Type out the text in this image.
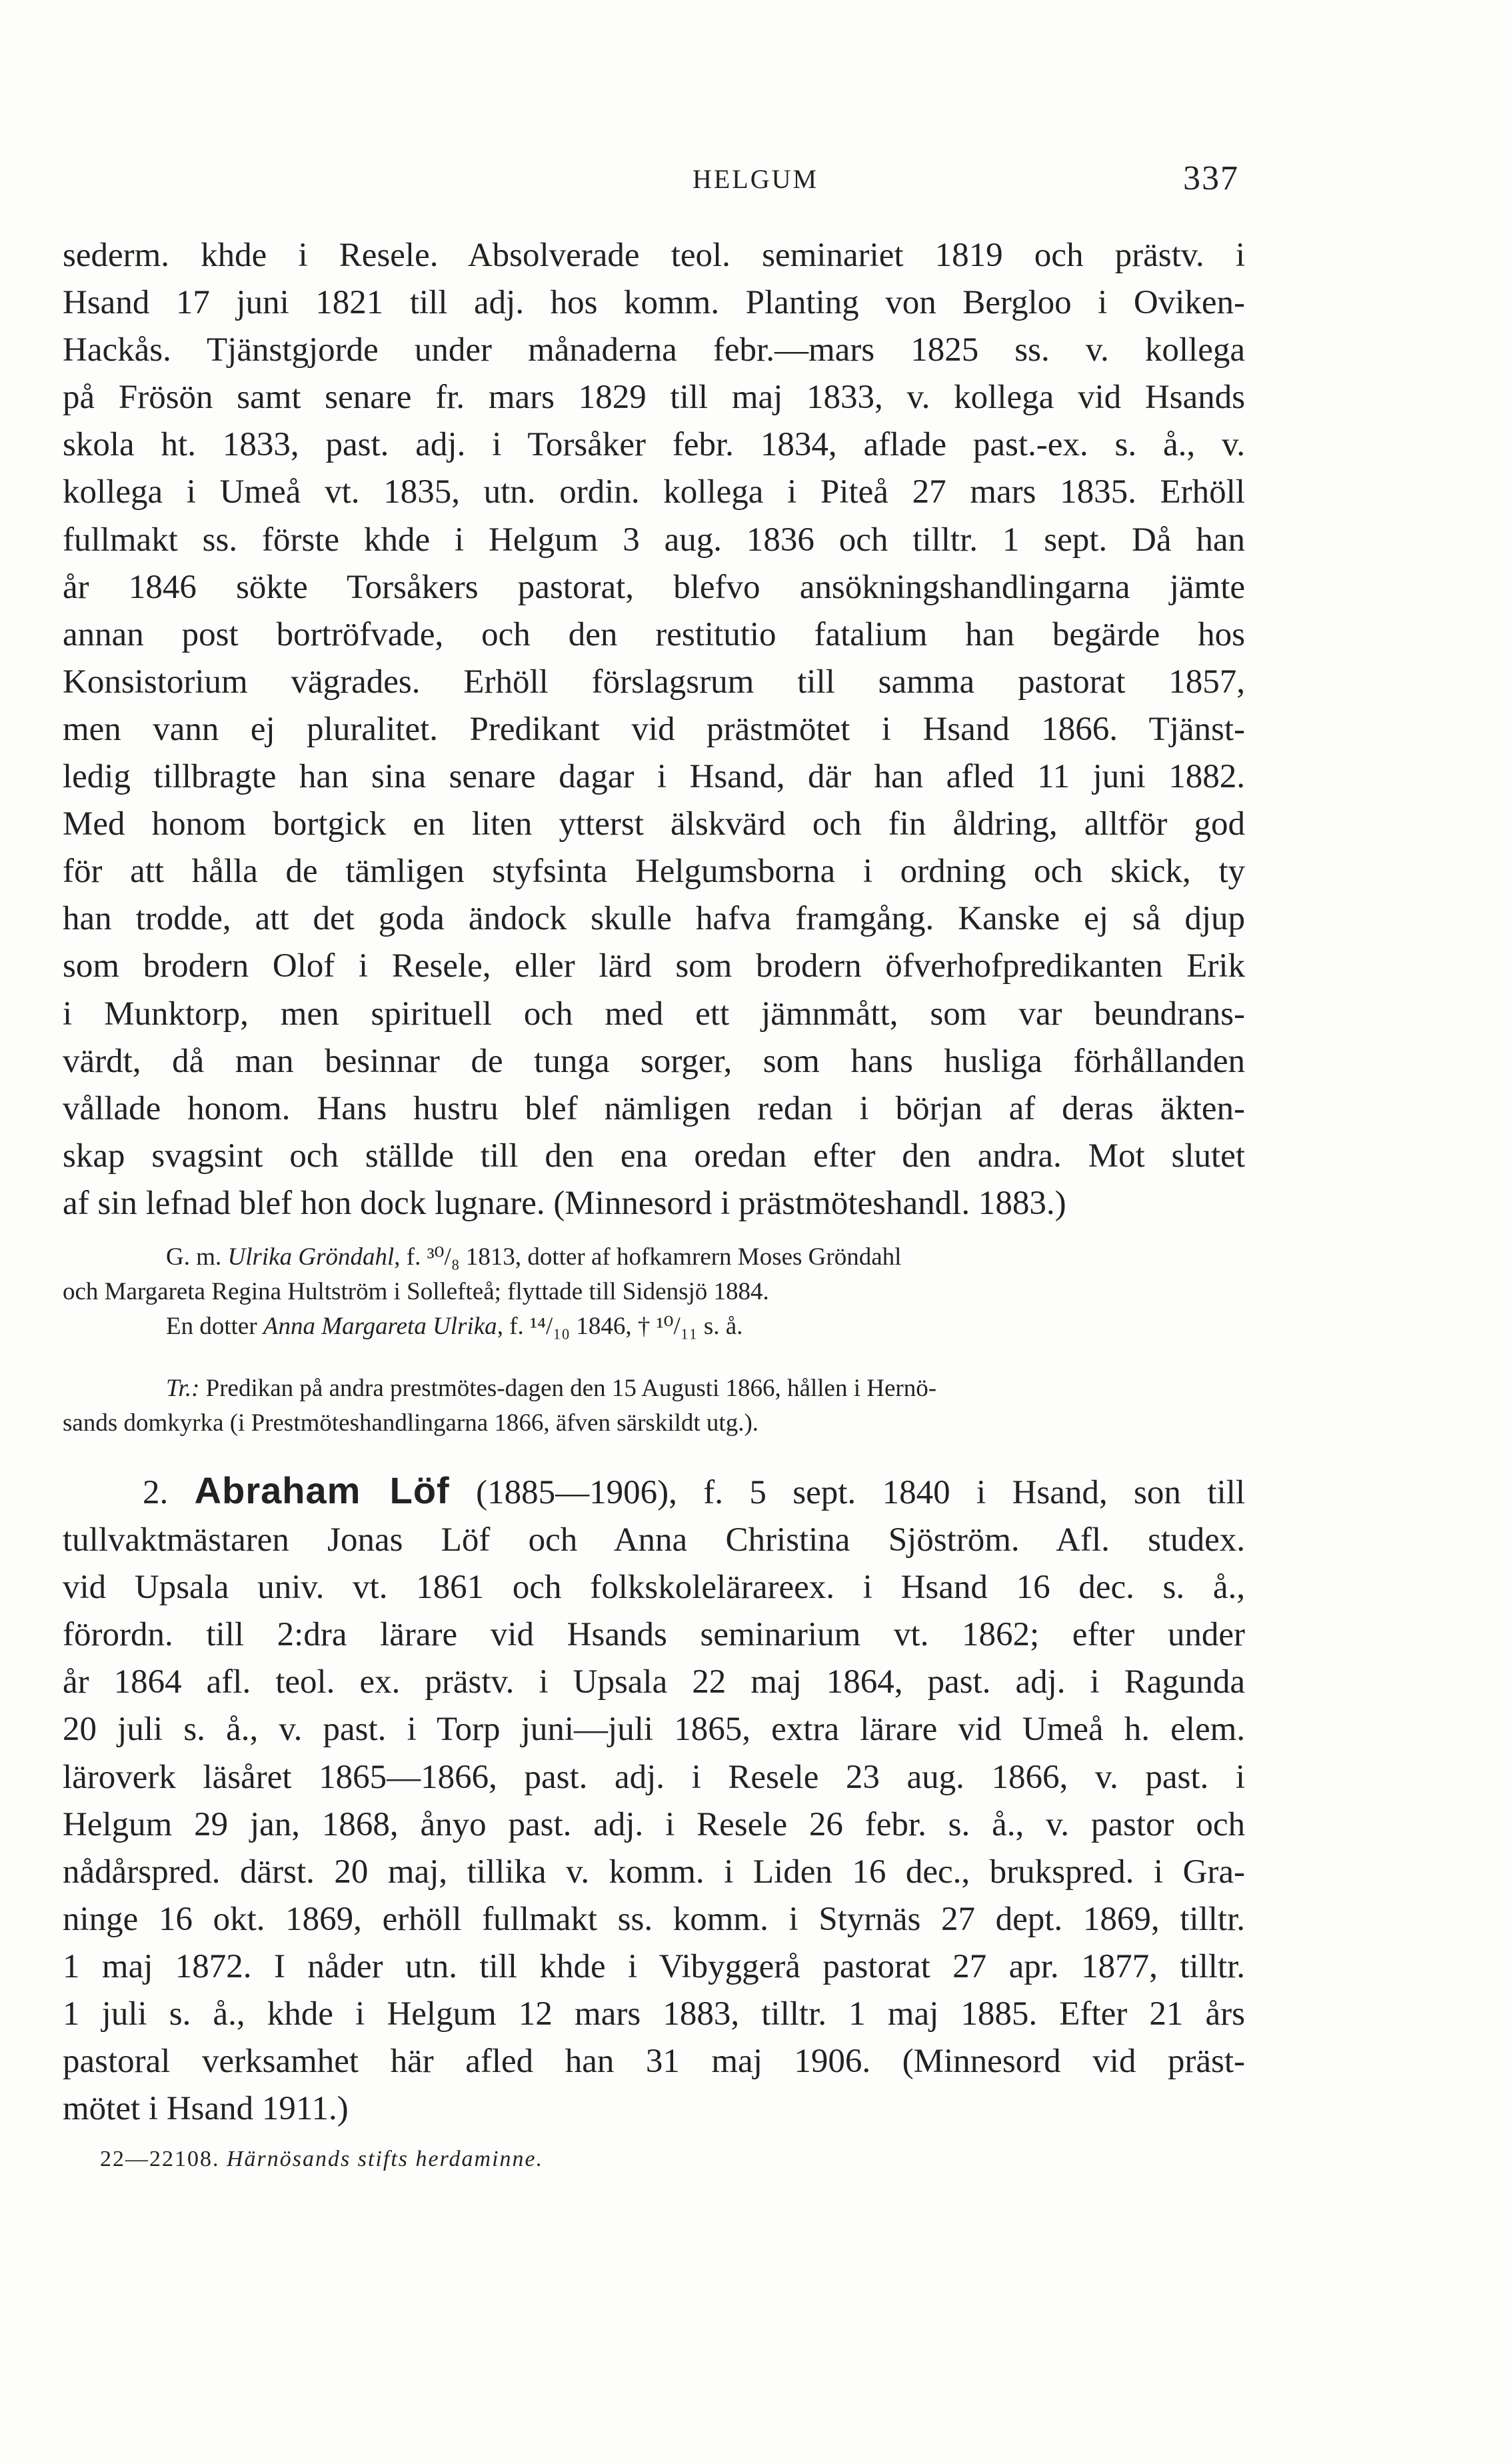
HELGUM	337
sederm. khde i Resele. Absolverade teol. seminariet 1819 och prästv. i
Hsand 17 juni 1821 till adj. hos komm. Planting von Bergloo i Oviken-
Hackås. Tjänstgjorde under månaderna febr.—mars 1825 ss. v. kollega
på Frösön samt senare fr. mars 1829 till maj 1833, v. kollega vid Hsands
skola ht. 1833, past. adj. i Torsåker febr. 1834, aflade past.-ex. s. å., v.
kollega i Umeå vt. 1835, utn. ordin. kollega i Piteå 27 mars 1835. Erhöll
fullmakt ss. förste khde i Helgum 3 aug. 1836 och tilltr. 1 sept. Då han
år 1846 sökte Torsåkers pastorat, blefvo ansökningshandlingarna jämte
annan post bortröfvade, och den restitutio fatalium han begärde hos
Konsistorium vägrades. Erhöll förslagsrum till samma pastorat 1857,
men vann ej pluralitet. Predikant vid prästmötet i Hsand 1866. Tjänst-
ledig tillbragte han sina senare dagar i Hsand, där han afled 11 juni 1882.
Med honom bortgick en liten ytterst älskvärd och fin åldring, alltför god
för att hålla de tämligen styfsinta Helgumsborna i ordning och skick, ty
han trodde, att det goda ändock skulle hafva framgång. Kanske ej så djup
som brodern Olof i Resele, eller lärd som brodern öfverhofpredikanten Erik
i Munktorp, men spirituell och med ett jämnmått, som var beundrans-
värdt, då man besinnar de tunga sorger, som hans husliga förhållanden
vållade honom. Hans hustru blef nämligen redan i början af deras äkten-
skap svagsint och ställde till den ena oredan efter den andra. Mot slutet
af sin lefnad blef hon dock lugnare. (Minnesord i prästmöteshandl. 1883.)
G. m. Ulrika Gröndahl, f. ³⁰/₈ 1813, dotter af hofkamrern Moses Gröndahl
och Margareta Regina Hultström i Sollefteå; flyttade till Sidensjö 1884.
En dotter Anna Margareta Ulrika, f. ¹⁴/₁₀ 1846, † ¹⁰/₁₁ s. å.
Tr.: Predikan på andra prestmötes-dagen den 15 Augusti 1866, hållen i Hernö-
sands domkyrka (i Prestmöteshandlingarna 1866, äfven särskildt utg.).
2. Abraham Löf (1885—1906), f. 5 sept. 1840 i Hsand, son till
tullvaktmästaren Jonas Löf och Anna Christina Sjöström. Afl. studex.
vid Upsala univ. vt. 1861 och folkskolelärareex. i Hsand 16 dec. s. å.,
förordn. till 2:dra lärare vid Hsands seminarium vt. 1862; efter under
år 1864 afl. teol. ex. prästv. i Upsala 22 maj 1864, past. adj. i Ragunda
20 juli s. å., v. past. i Torp juni—juli 1865, extra lärare vid Umeå h. elem.
läroverk läsåret 1865—1866, past. adj. i Resele 23 aug. 1866, v. past. i
Helgum 29 jan, 1868, ånyo past. adj. i Resele 26 febr. s. å., v. pastor och
nådårspred. därst. 20 maj, tillika v. komm. i Liden 16 dec., brukspred. i Gra-
ninge 16 okt. 1869, erhöll fullmakt ss. komm. i Styrnäs 27 dept. 1869, tilltr.
1 maj 1872. I nåder utn. till khde i Vibyggerå pastorat 27 apr. 1877, tilltr.
1 juli s. å., khde i Helgum 12 mars 1883, tilltr. 1 maj 1885. Efter 21 års
pastoral verksamhet här afled han 31 maj 1906. (Minnesord vid präst-
mötet i Hsand 1911.)
22—22108. Härnösands stifts herdaminne.
